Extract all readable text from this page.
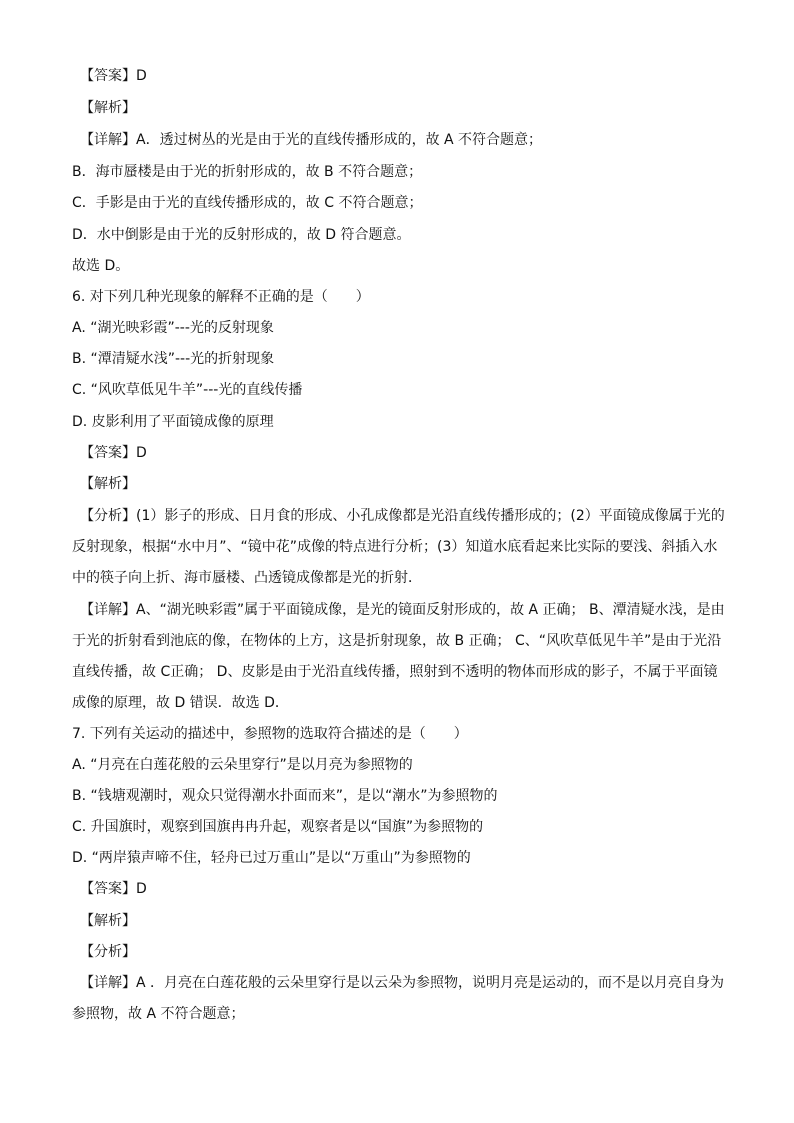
【答案】D
【解析】
【详解】A．透过树丛的光是由于光的直线传播形成的，故 A 不符合题意；
B．海市蜃楼是由于光的折射形成的，故 B 不符合题意；
C．手影是由于光的直线传播形成的，故 C 不符合题意；
D．水中倒影是由于光的反射形成的，故 D 符合题意。
故选 D。
6. 对下列几种光现象的解释不正确的是（　　）
A. “湖光映彩霞”---光的反射现象
B. “潭清疑水浅”---光的折射现象
C. “风吹草低见牛羊”---光的直线传播
D. 皮影利用了平面镜成像的原理
【答案】D
【解析】
【分析】(1）影子的形成、日月食的形成、小孔成像都是光沿直线传播形成的；(2）平面镜成像属于光的
反射现象，根据“水中月”、“镜中花”成像的特点进行分析；(3）知道水底看起来比实际的要浅、斜插入水
中的筷子向上折、海市蜃楼、凸透镜成像都是光的折射．
【详解】A、“湖光映彩霞”属于平面镜成像，是光的镜面反射形成的，故 A 正确； B、潭清疑水浅，是由
于光的折射看到池底的像，在物体的上方，这是折射现象，故 B 正确； C、“风吹草低见牛羊”是由于光沿
直线传播，故 C正确； D、皮影是由于光沿直线传播，照射到不透明的物体而形成的影子，不属于平面镜
成像的原理，故 D 错误．故选 D．
7. 下列有关运动的描述中，参照物的选取符合描述的是（　　）
A. “月亮在白莲花般的云朵里穿行”是以月亮为参照物的
B. “钱塘观潮时，观众只觉得潮水扑面而来”，是以“潮水”为参照物的
C. 升国旗时，观察到国旗冉冉升起，观察者是以“国旗”为参照物的
D. “两岸猿声啼不住，轻舟已过万重山”是以“万重山”为参照物的
【答案】D
【解析】
【分析】
【详解】A ．月亮在白莲花般的云朵里穿行是以云朵为参照物，说明月亮是运动的，而不是以月亮自身为
参照物，故 A 不符合题意；
